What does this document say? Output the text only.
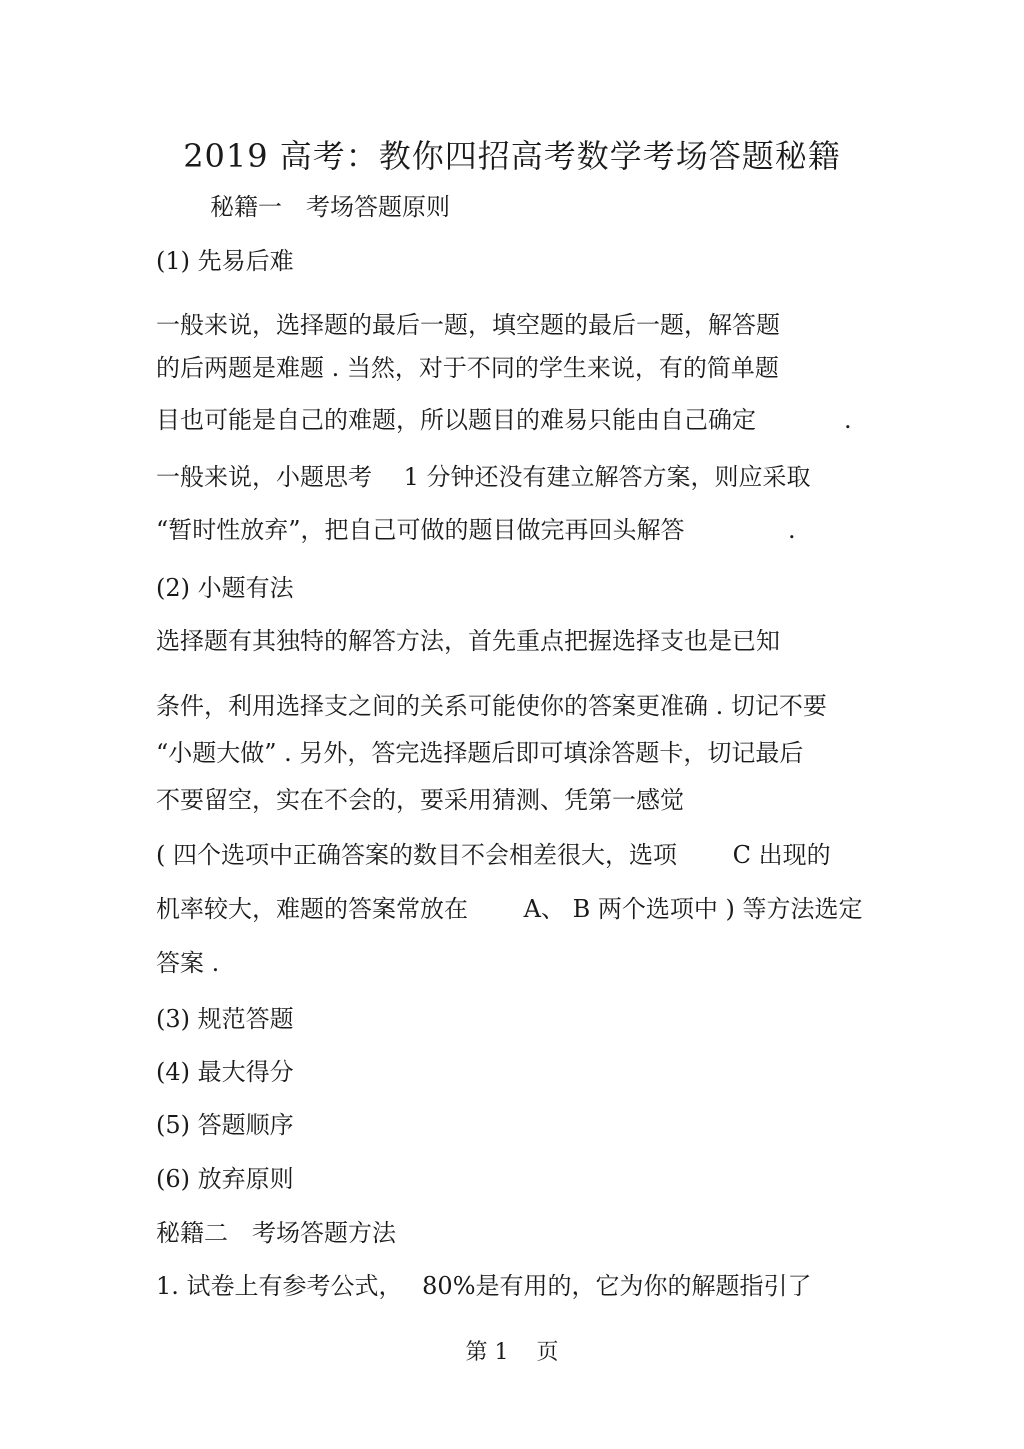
2019 高考：教你四招高考数学考场答题秘籍
秘籍一　考场答题原则
(1) 先易后难
一般来说，选择题的最后一题，填空题的最后一题，解答题
的后两题是难题 . 当然，对于不同的学生来说，有的简单题
目也可能是自己的难题，所以题目的难易只能由自己确定	.
一般来说，小题思考　 1 分钟还没有建立解答方案，则应采取
“暂时性放弃”，把自己可做的题目做完再回头解答	.
(2) 小题有法
选择题有其独特的解答方法，首先重点把握选择支也是已知
条件，利用选择支之间的关系可能使你的答案更准确 . 切记不要
“小题大做” . 另外，答完选择题后即可填涂答题卡，切记最后
不要留空，实在不会的，要采用猜测、凭第一感觉
( 四个选项中正确答案的数目不会相差很大，选项　　 C 出现的
机率较大，难题的答案常放在　　 A、 B 两个选项中 ) 等方法选定
答案 .
(3) 规范答题
(4) 最大得分
(5) 答题顺序
(6) 放弃原则
秘籍二　考场答题方法
1. 试卷上有参考公式，　 80%是有用的，它为你的解题指引了
第 1 页
